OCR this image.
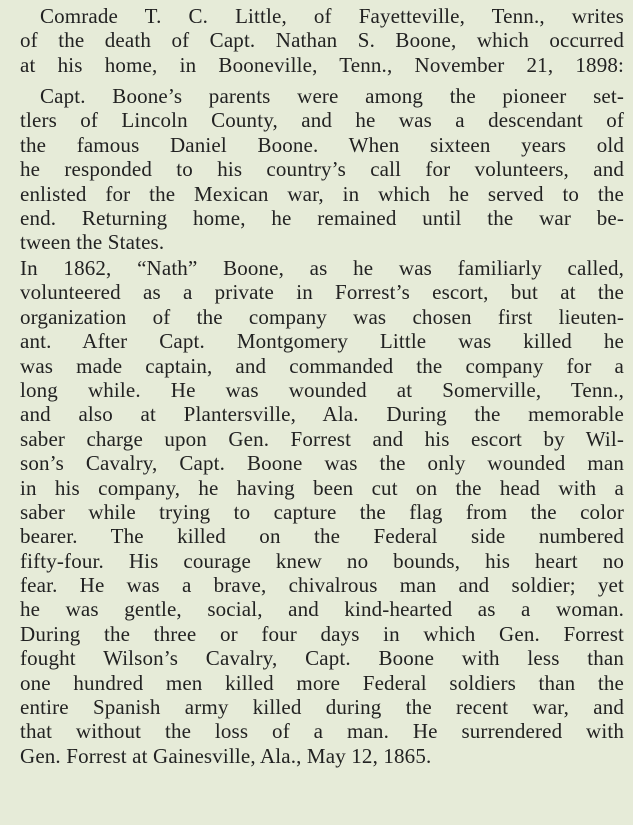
Comrade T. C. Little, of Fayetteville, Tenn., writes
of the death of Capt. Nathan S. Boone, which occurred
at his home, in Booneville, Tenn., November 21, 1898:
Capt. Boone’s parents were among the pioneer set-
tlers of Lincoln County, and he was a descendant of
the famous Daniel Boone. When sixteen years old
he responded to his country’s call for volunteers, and
enlisted for the Mexican war, in which he served to the
end. Returning home, he remained until the war be-
tween the States.
In 1862, “Nath” Boone, as he was familiarly called,
volunteered as a private in Forrest’s escort, but at the
organization of the company was chosen first lieuten-
ant. After Capt. Montgomery Little was killed he
was made captain, and commanded the company for a
long while. He was wounded at Somerville, Tenn.,
and also at Plantersville, Ala. During the memorable
saber charge upon Gen. Forrest and his escort by Wil-
son’s Cavalry, Capt. Boone was the only wounded man
in his company, he having been cut on the head with a
saber while trying to capture the flag from the color
bearer. The killed on the Federal side numbered
fifty-four. His courage knew no bounds, his heart no
fear. He was a brave, chivalrous man and soldier; yet
he was gentle, social, and kind-hearted as a woman.
During the three or four days in which Gen. Forrest
fought Wilson’s Cavalry, Capt. Boone with less than
one hundred men killed more Federal soldiers than the
entire Spanish army killed during the recent war, and
that without the loss of a man. He surrendered with
Gen. Forrest at Gainesville, Ala., May 12, 1865.
